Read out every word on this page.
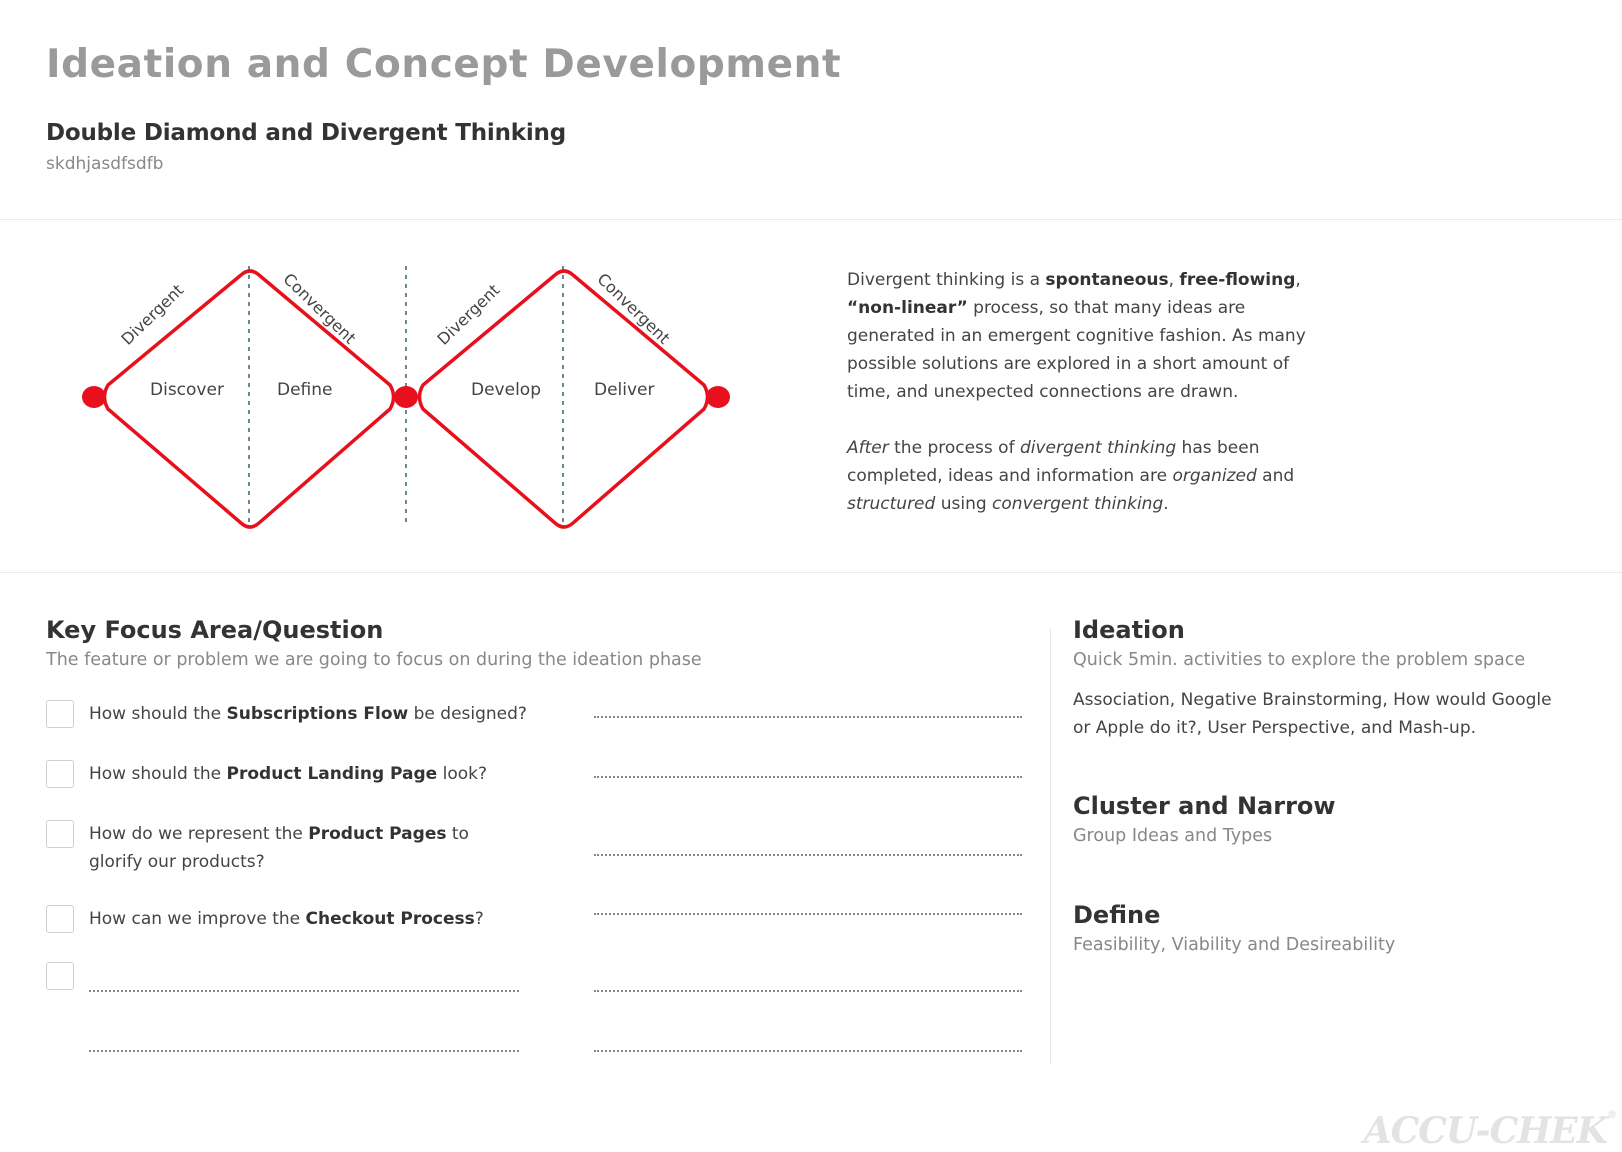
Ideation and Concept Development
Double Diamond and Divergent Thinking
skdhjasdfsdfb
Divergent	Convergent	Divergent	Convergent
Discover	Define	Develop	Deliver

Divergent thinking is a spontaneous, free-flowing, “non-linear” process, so that many ideas are generated in an emergent cognitive fashion. As many possible solutions are explored in a short amount of time, and unexpected connections are drawn.

After the process of divergent thinking has been completed, ideas and information are organized and structured using convergent thinking.

Key Focus Area/Question
The feature or problem we are going to focus on during the ideation phase
How should the Subscriptions Flow be designed?
How should the Product Landing Page look?
How do we represent the Product Pages to glorify our products?
How can we improve the Checkout Process?
Ideation
Quick 5min. activities to explore the problem space
Association, Negative Brainstorming, How would Google or Apple do it?, User Perspective, and Mash-up.
Cluster and Narrow
Group Ideas and Types
Define
Feasibility, Viability and Desireability
ACCU-CHEK®
